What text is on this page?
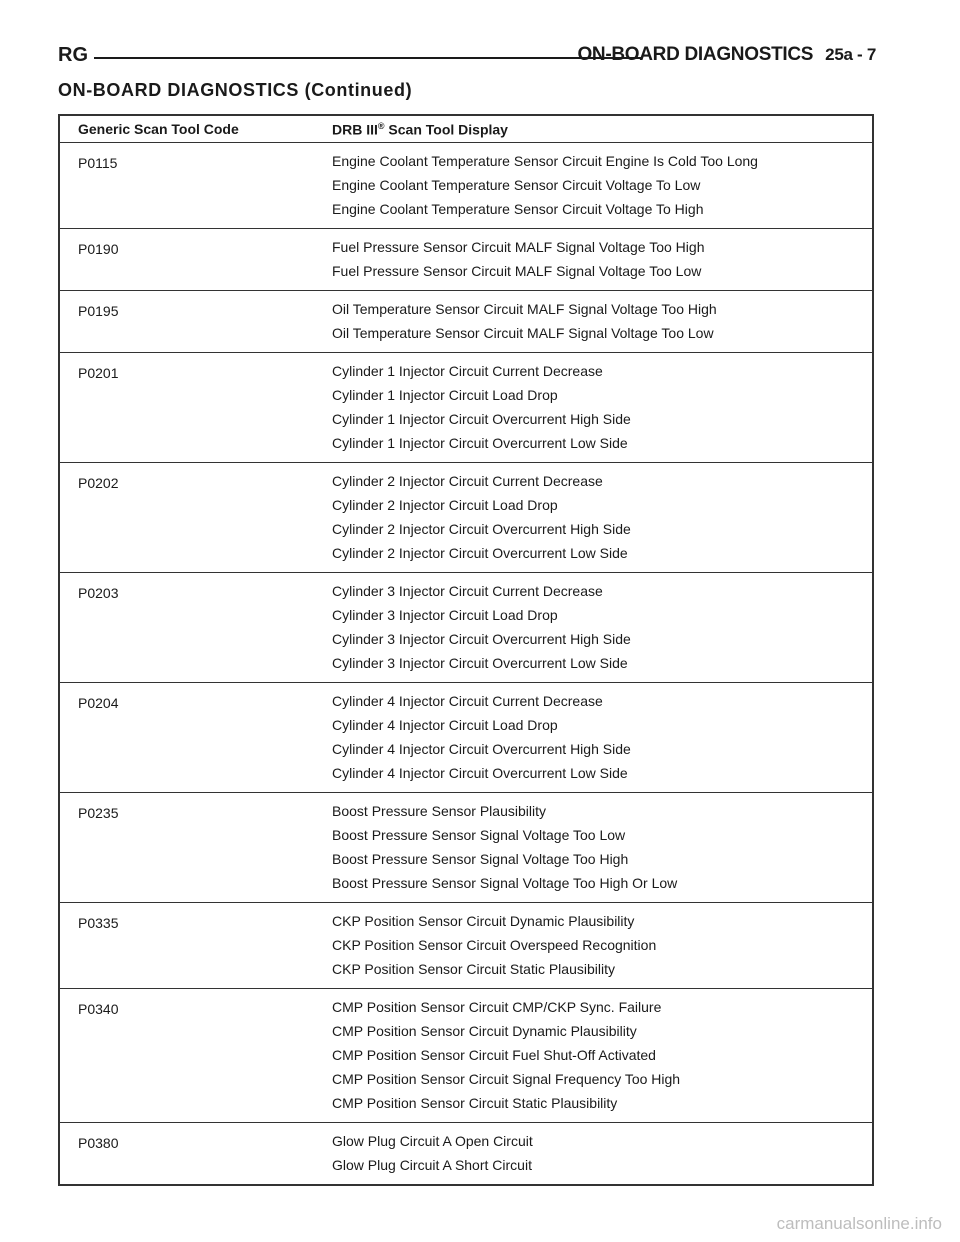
RG	ON-BOARD DIAGNOSTICS 25a - 7
ON-BOARD DIAGNOSTICS (Continued)
Generic Scan Tool Code	DRB III® Scan Tool Display
P0115	Engine Coolant Temperature Sensor Circuit Engine Is Cold Too Long
Engine Coolant Temperature Sensor Circuit Voltage To Low
Engine Coolant Temperature Sensor Circuit Voltage To High

P0190	Fuel Pressure Sensor Circuit MALF Signal Voltage Too High
Fuel Pressure Sensor Circuit MALF Signal Voltage Too Low

P0195	Oil Temperature Sensor Circuit MALF Signal Voltage Too High
Oil Temperature Sensor Circuit MALF Signal Voltage Too Low

P0201	Cylinder 1 Injector Circuit Current Decrease
Cylinder 1 Injector Circuit Load Drop
Cylinder 1 Injector Circuit Overcurrent High Side
Cylinder 1 Injector Circuit Overcurrent Low Side

P0202	Cylinder 2 Injector Circuit Current Decrease
Cylinder 2 Injector Circuit Load Drop
Cylinder 2 Injector Circuit Overcurrent High Side
Cylinder 2 Injector Circuit Overcurrent Low Side

P0203	Cylinder 3 Injector Circuit Current Decrease
Cylinder 3 Injector Circuit Load Drop
Cylinder 3 Injector Circuit Overcurrent High Side
Cylinder 3 Injector Circuit Overcurrent Low Side

P0204	Cylinder 4 Injector Circuit Current Decrease
Cylinder 4 Injector Circuit Load Drop
Cylinder 4 Injector Circuit Overcurrent High Side
Cylinder 4 Injector Circuit Overcurrent Low Side

P0235	Boost Pressure Sensor Plausibility
Boost Pressure Sensor Signal Voltage Too Low
Boost Pressure Sensor Signal Voltage Too High
Boost Pressure Sensor Signal Voltage Too High Or Low

P0335	CKP Position Sensor Circuit Dynamic Plausibility
CKP Position Sensor Circuit Overspeed Recognition
CKP Position Sensor Circuit Static Plausibility

P0340	CMP Position Sensor Circuit CMP/CKP Sync. Failure
CMP Position Sensor Circuit Dynamic Plausibility
CMP Position Sensor Circuit Fuel Shut-Off Activated
CMP Position Sensor Circuit Signal Frequency Too High
CMP Position Sensor Circuit Static Plausibility

P0380	Glow Plug Circuit A Open Circuit
Glow Plug Circuit A Short Circuit
carmanualsonline.info
